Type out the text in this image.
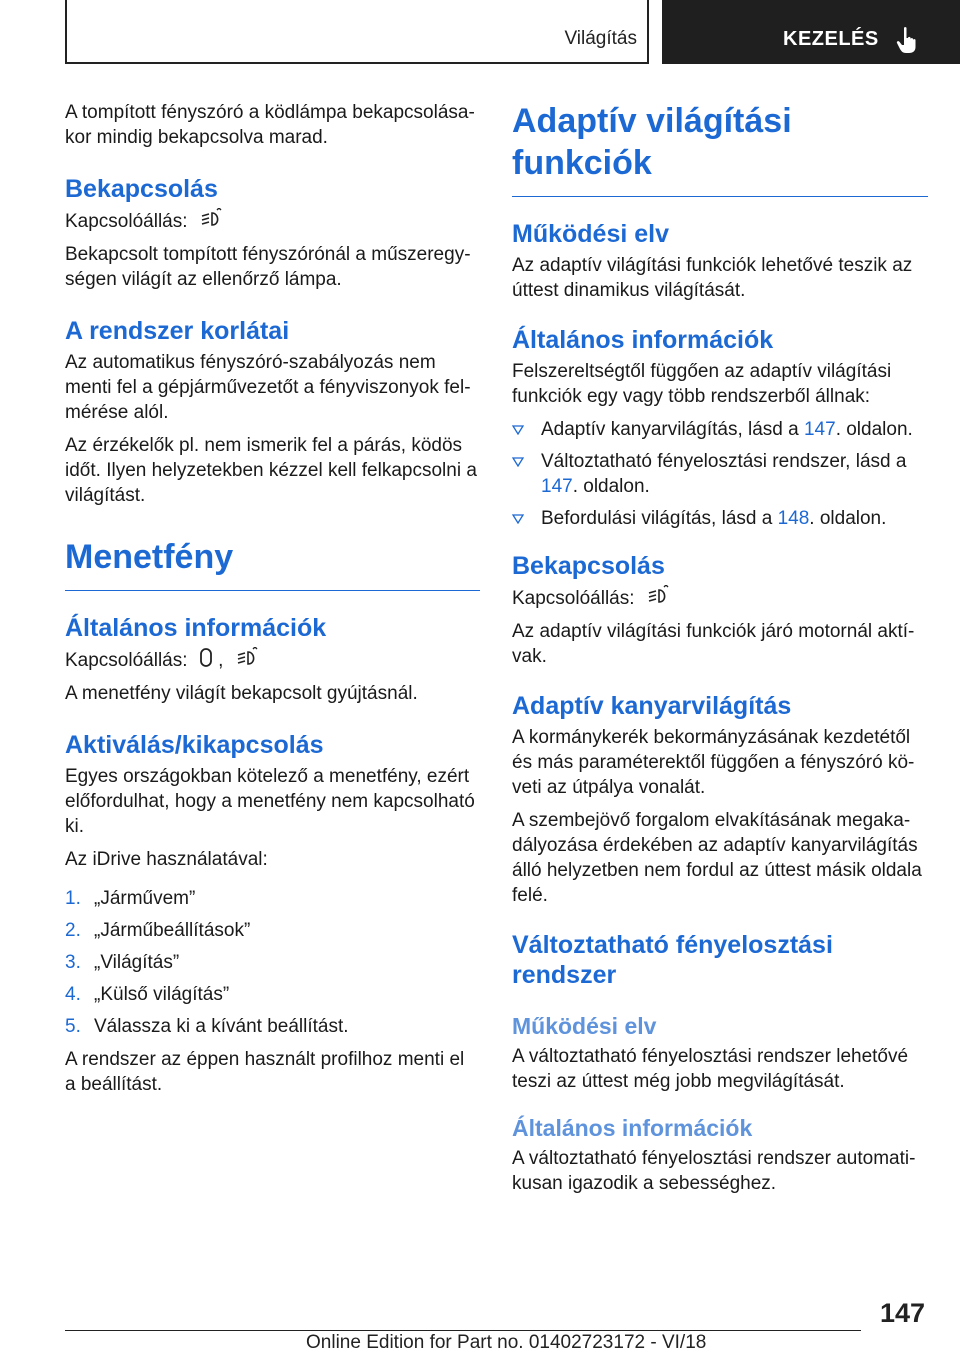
Világítás	KEZELÉS

A tompított fényszóró a ködlámpa bekapcsolása-kor mindig bekapcsolva marad.

Bekapcsolás

Kapcsolóállás:

Bekapcsolt tompított fényszórónál a műszeregy-ségen világít az ellenőrző lámpa.

A rendszer korlátai

Az automatikus fényszóró-szabályozás nem menti fel a gépjárművezetőt a fényviszonyok fel-mérése alól.

Az érzékelők pl. nem ismerik fel a párás, ködös időt. Ilyen helyzetekben kézzel kell felkapcsolni a világítást.

Menetfény
Általános információk

Kapcsolóállás: ,

A menetfény világít bekapcsolt gyújtásnál.

Aktiválás/kikapcsolás

Egyes országokban kötelező a menetfény, ezért előfordulhat, hogy a menetfény nem kapcsolható ki.

Az iDrive használatával:

1. „Járművem”
2. „Járműbeállítások”
3. „Világítás”
4. „Külső világítás”
5. Válassza ki a kívánt beállítást.

A rendszer az éppen használt profilhoz menti el a beállítást.

Adaptív világítási funkciók
Működési elv

Az adaptív világítási funkciók lehetővé teszik az úttest dinamikus világítását.

Általános információk

Felszereltségtől függően az adaptív világítási funkciók egy vagy több rendszerből állnak:

Adaptív kanyarvilágítás, lásd a 147. oldalon.
Változtatható fényelosztási rendszer, lásd a 147. oldalon.
Befordulási világítás, lásd a 148. oldalon.
Bekapcsolás

Kapcsolóállás:

Az adaptív világítási funkciók járó motornál aktí-vak.

Adaptív kanyarvilágítás

A kormánykerék bekormányzásának kezdetétől és más paraméterektől függően a fényszóró kö-veti az útpálya vonalát.

A szembejövő forgalom elvakításának megaka-dályozása érdekében az adaptív kanyarvilágítás álló helyzetben nem fordul az úttest másik oldala felé.

Változtatható fényelosztási rendszer
Működési elv

A változtatható fényelosztási rendszer lehetővé teszi az úttest még jobb megvilágítását.

Általános információk

A változtatható fényelosztási rendszer automati-kusan igazodik a sebességhez.

147
Online Edition for Part no. 01402723172 - VI/18
